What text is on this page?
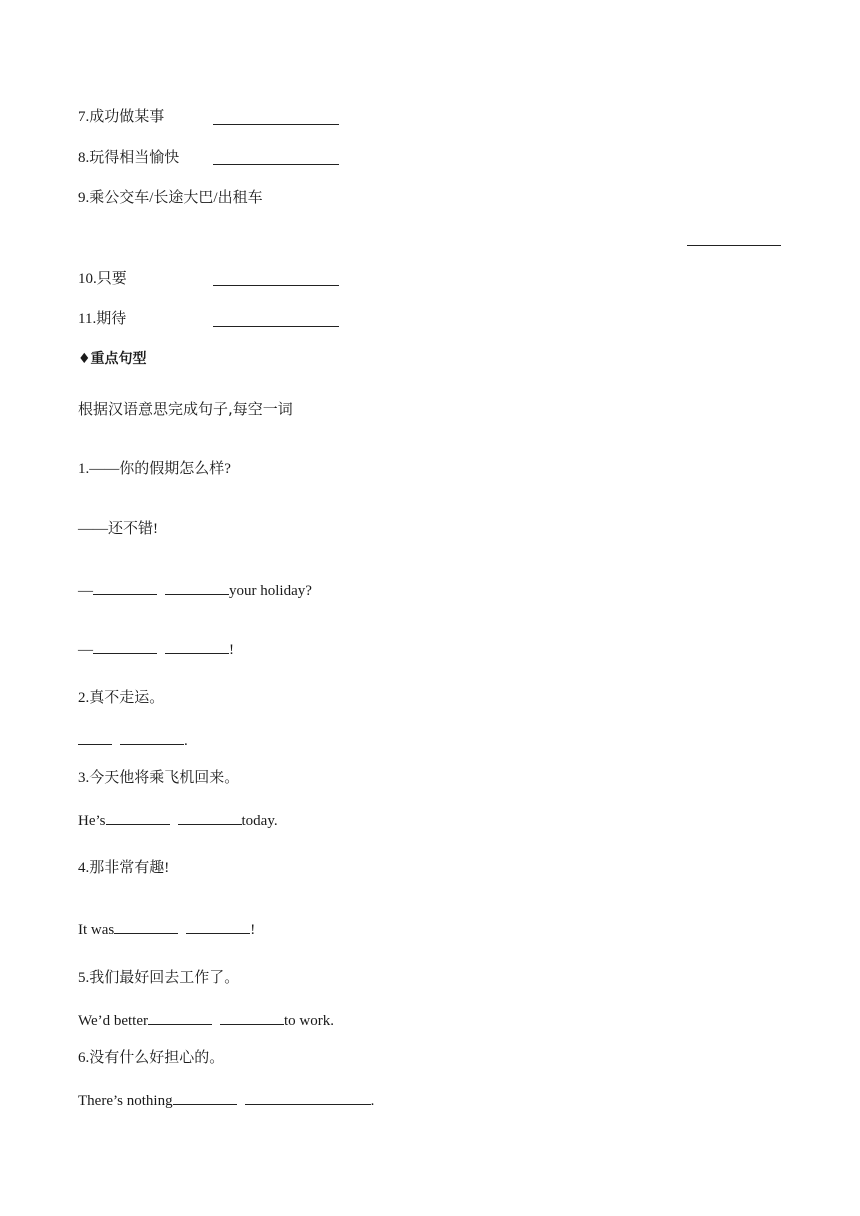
7.成功做某事
8.玩得相当愉快
9.乘公交车/长途大巴/出租车
10.只要
11.期待
♦重点句型
根据汉语意思完成句子,每空一词
1.——你的假期怎么样?
——还不错!
—	your holiday?
—	!
2.真不走运。
.
3.今天他将乘飞机回来。
He’s	today.
4.那非常有趣!
It was	!
5.我们最好回去工作了。
We’d better	to work.
6.没有什么好担心的。
There’s nothing	.
